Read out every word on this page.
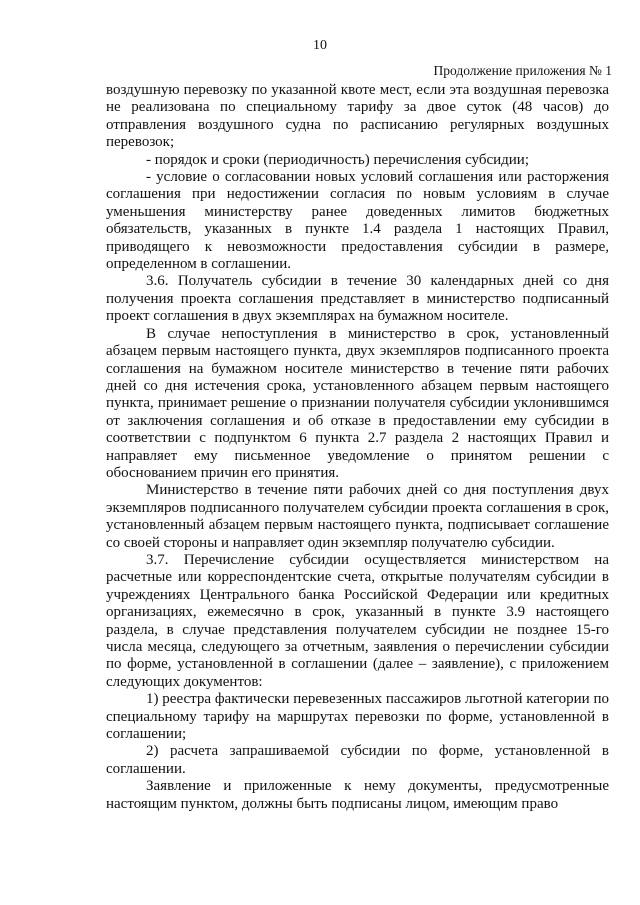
10
Продолжение приложения № 1

воздушную перевозку по указанной квоте мест, если эта воздушная перевозка не реализована по специальному тарифу за двое суток (48 часов) до отправления воздушного судна по расписанию регулярных воздушных перевозок;

- порядок и сроки (периодичность) перечисления субсидии;

- условие о согласовании новых условий соглашения или расторжения соглашения при недостижении согласия по новым условиям в случае уменьшения министерству ранее доведенных лимитов бюджетных обязательств, указанных в пункте 1.4 раздела 1 настоящих Правил, приводящего к невозможности предоставления субсидии в размере, определенном в соглашении.

3.6. Получатель субсидии в течение 30 календарных дней со дня получения проекта соглашения представляет в министерство подписанный проект соглашения в двух экземплярах на бумажном носителе.

В случае непоступления в министерство в срок, установленный абзацем первым настоящего пункта, двух экземпляров подписанного проекта соглашения на бумажном носителе министерство в течение пяти рабочих дней со дня истечения срока, установленного абзацем первым настоящего пункта, принимает решение о признании получателя субсидии уклонившимся от заключения соглашения и об отказе в предоставлении ему субсидии в соответствии с подпунктом 6 пункта 2.7 раздела 2 настоящих Правил и направляет ему письменное уведомление о принятом решении с обоснованием причин его принятия.

Министерство в течение пяти рабочих дней со дня поступления двух экземпляров подписанного получателем субсидии проекта соглашения в срок, установленный абзацем первым настоящего пункта, подписывает соглашение со своей стороны и направляет один экземпляр получателю субсидии.

3.7. Перечисление субсидии осуществляется министерством на расчетные или корреспондентские счета, открытые получателям субсидии в учреждениях Центрального банка Российской Федерации или кредитных организациях, ежемесячно в срок, указанный в пункте 3.9 настоящего раздела, в случае представления получателем субсидии не позднее 15-го числа месяца, следующего за отчетным, заявления о перечислении субсидии по форме, установленной в соглашении (далее – заявление), с приложением следующих документов:

1) реестра фактически перевезенных пассажиров льготной категории по специальному тарифу на маршрутах перевозки по форме, установленной в соглашении;

2) расчета запрашиваемой субсидии по форме, установленной в соглашении.

Заявление и приложенные к нему документы, предусмотренные настоящим пунктом, должны быть подписаны лицом, имеющим право
